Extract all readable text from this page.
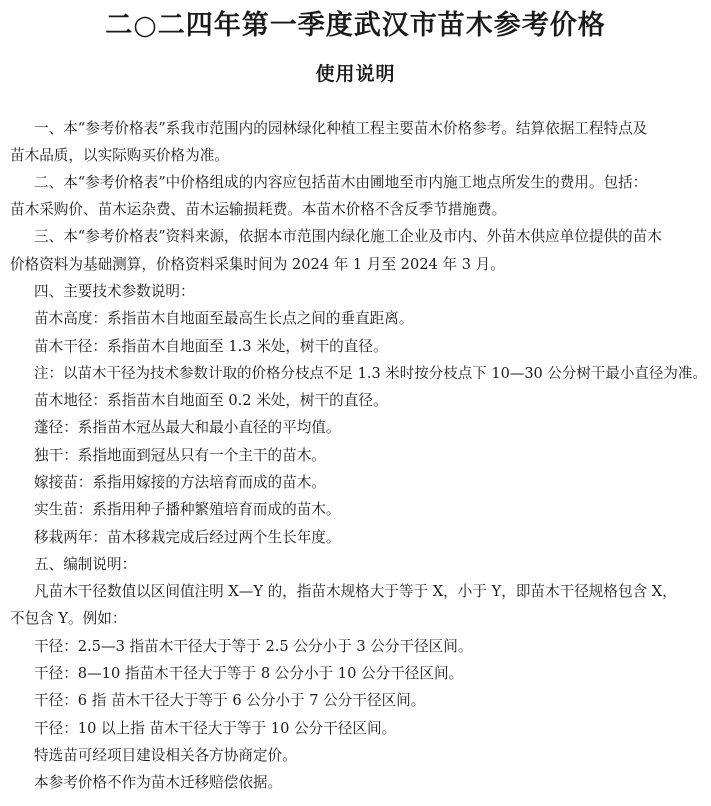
二○二四年第一季度武汉市苗木参考价格
使用说明
一、本“参考价格表”系我市范围内的园林绿化种植工程主要苗木价格参考。结算依据工程特点及
苗木品质，以实际购买价格为准。
二、本“参考价格表”中价格组成的内容应包括苗木由圃地至市内施工地点所发生的费用。包括：
苗木采购价、苗木运杂费、苗木运输损耗费。本苗木价格不含反季节措施费。
三、本“参考价格表”资料来源，依据本市范围内绿化施工企业及市内、外苗木供应单位提供的苗木
价格资料为基础测算，价格资料采集时间为 2024 年 1 月至 2024 年 3 月。
四、主要技术参数说明：
苗木高度：系指苗木自地面至最高生长点之间的垂直距离。
苗木干径：系指苗木自地面至 1.3 米处，树干的直径。
注：以苗木干径为技术参数计取的价格分枝点不足 1.3 米时按分枝点下 10—30 公分树干最小直径为准。
苗木地径：系指苗木自地面至 0.2 米处，树干的直径。
蓬径：系指苗木冠丛最大和最小直径的平均值。
独干：系指地面到冠丛只有一个主干的苗木。
嫁接苗：系指用嫁接的方法培育而成的苗木。
实生苗：系指用种子播种繁殖培育而成的苗木。
移栽两年：苗木移栽完成后经过两个生长年度。
五、编制说明：
凡苗木干径数值以区间值注明 X—Y 的，指苗木规格大于等于 X，小于 Y，即苗木干径规格包含 X，
不包含 Y。例如：
干径：2.5—3 指苗木干径大于等于 2.5 公分小于 3 公分干径区间。
干径：8—10 指苗木干径大于等于 8 公分小于 10 公分干径区间。
干径：6 指 苗木干径大于等于 6 公分小于 7 公分干径区间。
干径：10 以上指 苗木干径大于等于 10 公分干径区间。
特选苗可经项目建设相关各方协商定价。
本参考价格不作为苗木迁移赔偿依据。
